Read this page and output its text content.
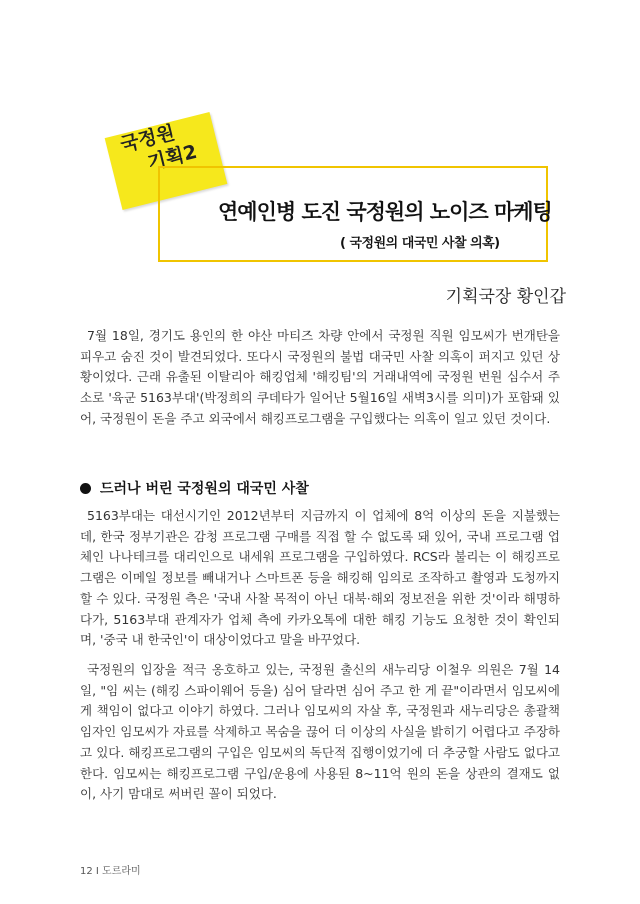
국정원
기획2
연예인병 도진 국정원의 노이즈 마케팅
( 국정원의 대국민 사찰 의혹)
기획국장 황인갑

7월 18일, 경기도 용인의 한 야산 마티즈 차량 안에서 국정원 직원 임모씨가 번개탄을 피우고 숨진 것이 발견되었다. 또다시 국정원의 불법 대국민 사찰 의혹이 퍼지고 있던 상황이었다. 근래 유출된 이탈리아 해킹업체 '해킹팀'의 거래내역에 국정원 번원 심수서 주소로 '육군 5163부대'(박정희의 쿠데타가 일어난 5월16일 새벽3시를 의미)가 포함돼 있어, 국정원이 돈을 주고 외국에서 해킹프로그램을 구입했다는 의혹이 일고 있던 것이다.

드러나 버린 국정원의 대국민 사찰

5163부대는 대선시기인 2012년부터 지금까지 이 업체에 8억 이상의 돈을 지불했는데, 한국 정부기관은 감청 프로그램 구매를 직접 할 수 없도록 돼 있어, 국내 프로그램 업체인 나나테크를 대리인으로 내세워 프로그램을 구입하였다. RCS라 불리는 이 해킹프로그램은 이메일 정보를 빼내거나 스마트폰 등을 해킹해 임의로 조작하고 촬영과 도청까지 할 수 있다. 국정원 측은 '국내 사찰 목적이 아닌 대북·해외 정보전을 위한 것'이라 해명하다가, 5163부대 관계자가 업체 측에 카카오톡에 대한 해킹 기능도 요청한 것이 확인되며, '중국 내 한국인'이 대상이었다고 말을 바꾸었다.

국정원의 입장을 적극 옹호하고 있는, 국정원 출신의 새누리당 이철우 의원은 7월 14일, "임 씨는 (해킹 스파이웨어 등을) 심어 달라면 심어 주고 한 게 끝"이라면서 임모씨에게 책임이 없다고 이야기 하였다. 그러나 임모씨의 자살 후, 국정원과 새누리당은 총괄책임자인 임모씨가 자료를 삭제하고 목숨을 끊어 더 이상의 사실을 밝히기 어렵다고 주장하고 있다. 해킹프로그램의 구입은 임모씨의 독단적 집행이었기에 더 추궁할 사람도 없다고 한다. 임모씨는 해킹프로그램 구입/운용에 사용된 8~11억 원의 돈을 상관의 결재도 없이, 사기 맘대로 써버린 꼴이 되었다.

12 I 도르라미
